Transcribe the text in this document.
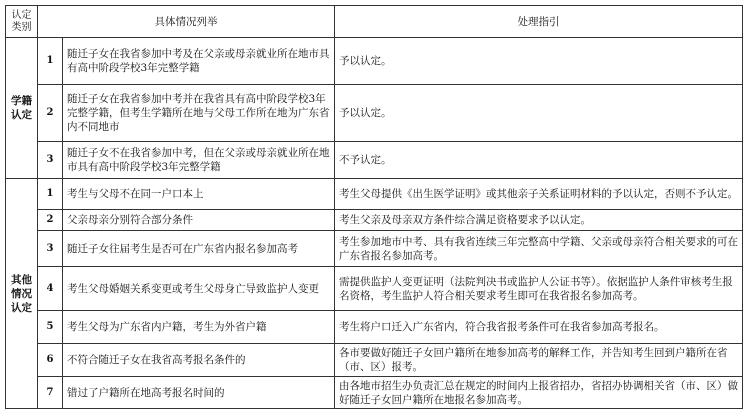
认定类别	具体情况列举		处理指引
学籍认定	1	随迁子女在我省参加中考及在父亲或母亲就业所在地市具有高中阶段学校3年完整学籍	予以认定。
	2	随迁子女在我省参加中考并在我省具有高中阶段学校3年完整学籍，但考生学籍所在地与父母工作所在地为广东省内不同地市	予以认定。
	3	随迁子女不在我省参加中考，但在父亲或母亲就业所在地市具有高中阶段学校3年完整学籍	不予认定。
其他情况认定	1	考生与父母不在同一户口本上	考生父母提供《出生医学证明》或其他亲子关系证明材料的予以认定，否则不予认定。
	2	父亲母亲分别符合部分条件	考生父亲及母亲双方条件综合满足资格要求予以认定。
	3	随迁子女往届考生是否可在广东省内报名参加高考	考生参加地市中考、具有我省连续三年完整高中学籍、父亲或母亲符合相关要求的可在广东省报名参加高考。
	4	考生父母婚姻关系变更或考生父母身亡导致监护人变更	需提供监护人变更证明（法院判决书或监护人公证书等）。依据监护人条件审核考生报名资格，考生监护人符合相关要求考生即可在我省报名参加高考。
	5	考生父母为广东省内户籍，考生为外省户籍	考生将户口迁入广东省内，符合我省报考条件可在我省参加高考报名。
	6	不符合随迁子女在我省高考报名条件的	各市要做好随迁子女回户籍所在地参加高考的解释工作，并告知考生回到户籍所在省（市、区）报考。
	7	错过了户籍所在地高考报名时间的	由各地市招生办负责汇总在规定的时间内上报省招办，省招办协调相关省（市、区）做好随迁子女回户籍所在地报名参加高考。
